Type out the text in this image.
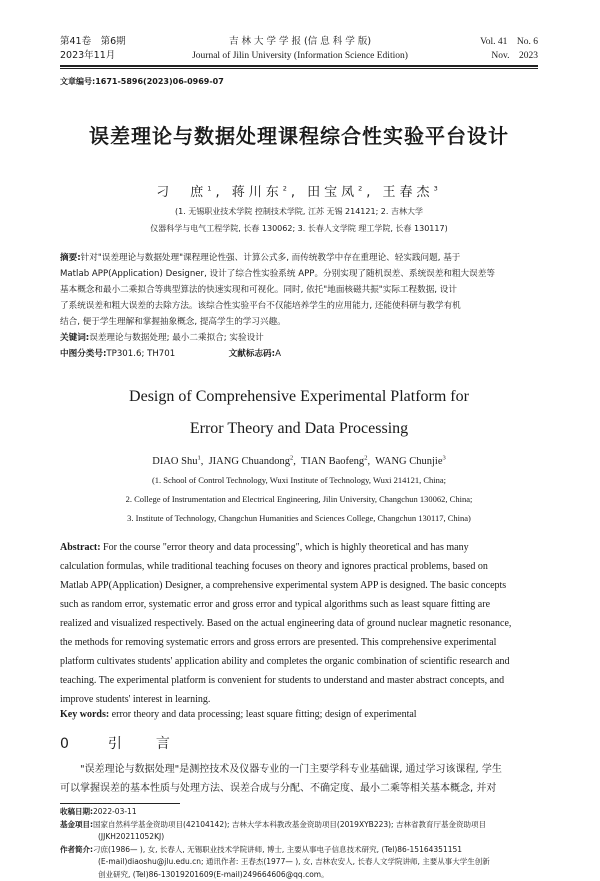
第41卷　第6期
2023年11月
吉 林 大 学 学 报 (信 息 科 学 版)
Journal of Jilin University (Information Science Edition)
Vol. 41　No. 6
Nov.　2023
文章编号:1671-5896(2023)06-0969-07
误差理论与数据处理课程综合性实验平台设计
刁　庶$^1$, 蒋川东$^2$, 田宝凤$^2$, 王春杰$^3$
(1. 无锡职业技术学院 控制技术学院, 江苏 无锡 214121; 2. 吉林大学
仪器科学与电气工程学院, 长春 130062; 3. 长春人文学院 理工学院, 长春 130117)
摘要:针对"误差理论与数据处理"课程理论性强、计算公式多, 而传统教学中存在重理论、轻实践问题, 基于
Matlab APP(Application) Designer, 设计了综合性实验系统 APP。分别实现了随机误差、系统误差和粗大误差等
基本概念和最小二乘拟合等典型算法的快速实现和可视化。同时, 依托"地面核磁共振"实际工程数据, 设计
了系统误差和粗大误差的去除方法。该综合性实验平台不仅能培养学生的应用能力, 还能使科研与教学有机
结合, 便于学生理解和掌握抽象概念, 提高学生的学习兴趣。
关键词:误差理论与数据处理; 最小二乘拟合; 实验设计
中图分类号:TP301.6; TH701	文献标志码:A
Design of Comprehensive Experimental Platform for
Error Theory and Data Processing
DIAO Shu$^1$,  JIANG Chuandong$^2$,  TIAN Baofeng$^2$,  WANG Chunjie$^3$
(1. School of Control Technology, Wuxi Institute of Technology, Wuxi 214121, China;
2. College of Instrumentation and Electrical Engineering, Jilin University, Changchun 130062, China;
3. Institute of Technology, Changchun Humanities and Sciences College, Changchun 130117, China)
Abstract: For the course "error theory and data processing", which is highly theoretical and has many
calculation formulas, while traditional teaching focuses on theory and ignores practical problems, based on
Matlab APP(Application) Designer, a comprehensive experimental system APP is designed. The basic concepts
such as random error, systematic error and gross error and typical algorithms such as least square fitting are
realized and visualized respectively. Based on the actual engineering data of ground nuclear magnetic resonance,
the methods for removing systematic errors and gross errors are presented. This comprehensive experimental
platform cultivates students' application ability and completes the organic combination of scientific research and
teaching. The experimental platform is convenient for students to understand and master abstract concepts, and
improve students' interest in learning.
Key words: error theory and data processing; least square fitting; design of experimental
0 引　言
"误差理论与数据处理"是测控技术及仪器专业的一门主要学科专业基础课, 通过学习该课程, 学生
可以掌握误差的基本性质与处理方法、误差合成与分配、不确定度、最小二乘等相关基本概念, 并对
收稿日期:2022-03-11
基金项目:国家自然科学基金资助项目(42104142); 吉林大学本科教改基金资助项目(2019XYB223); 吉林省教育厅基金资助项目
(JJKH20211052KJ)
作者简介:刁庶(1986— ), 女, 长春人, 无锡职业技术学院讲师, 博士, 主要从事电子信息技术研究, (Tel)86-15164351151
(E-mail)diaoshu@jlu.edu.cn; 通讯作者: 王春杰(1977— ), 女, 吉林农安人, 长春人文学院讲师, 主要从事大学生创新
创业研究, (Tel)86-13019201609(E-mail)249664606@qq.com。
